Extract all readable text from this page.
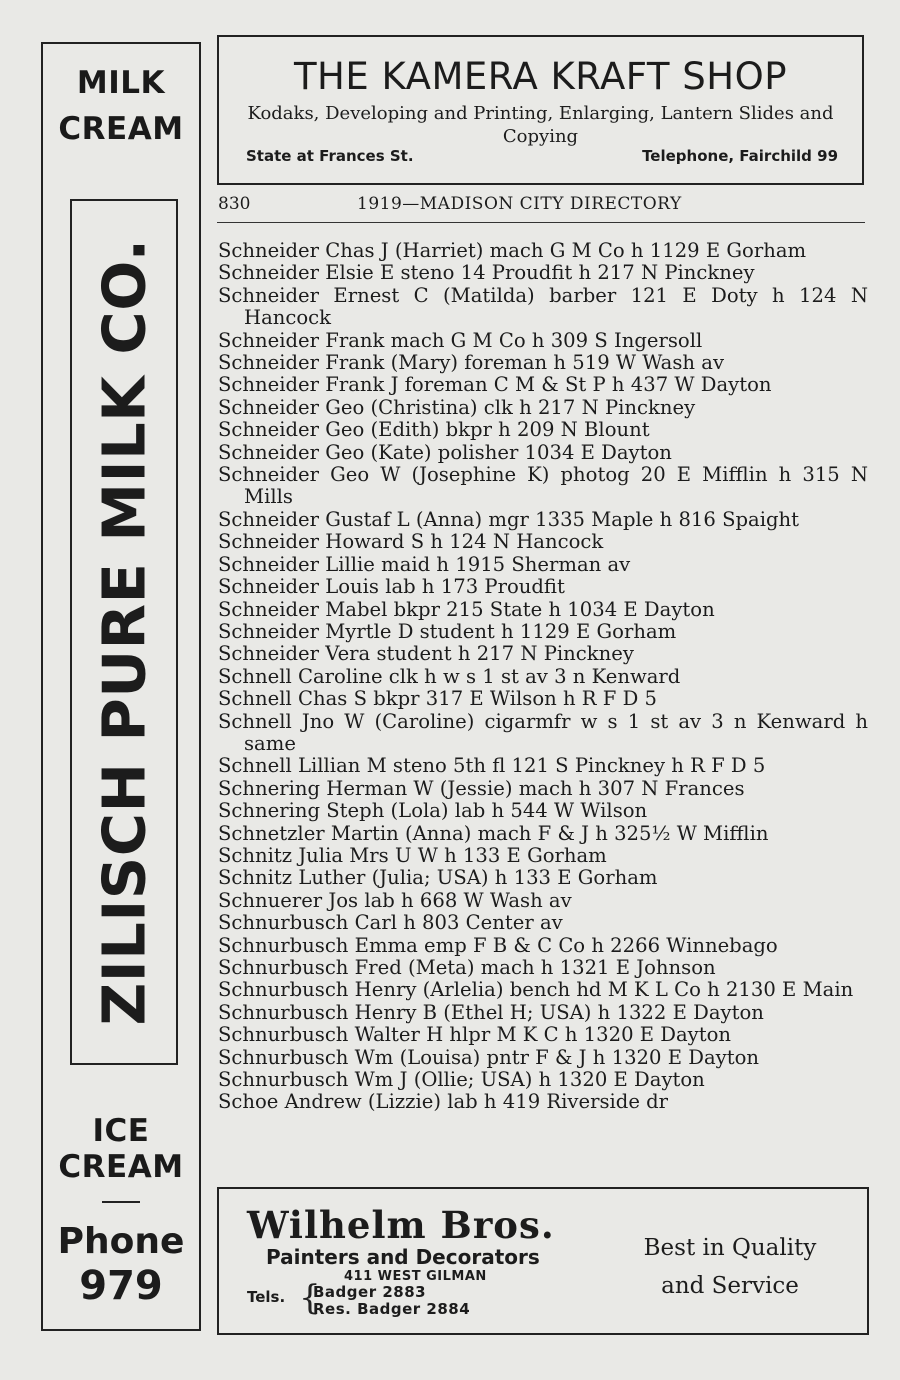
MILK
CREAM
ZILISCH PURE MILK CO.
ICE
CREAM
Phone
979
THE KAMERA KRAFT SHOP
Kodaks, Developing and Printing, Enlarging, Lantern Slides and Copying
State at Frances St.	Telephone, Fairchild 99
830	1919—MADISON CITY DIRECTORY
Schneider Chas J (Harriet) mach G M Co h 1129 E Gorham
Schneider Elsie E steno 14 Proudfit h 217 N Pinckney
Schneider Ernest C (Matilda) barber 121 E Doty h 124 N Hancock
Schneider Frank mach G M Co h 309 S Ingersoll
Schneider Frank (Mary) foreman h 519 W Wash av
Schneider Frank J foreman C M & St P h 437 W Dayton
Schneider Geo (Christina) clk h 217 N Pinckney
Schneider Geo (Edith) bkpr h 209 N Blount
Schneider Geo (Kate) polisher 1034 E Dayton
Schneider Geo W (Josephine K) photog 20 E Mifflin h 315 N Mills
Schneider Gustaf L (Anna) mgr 1335 Maple h 816 Spaight
Schneider Howard S h 124 N Hancock
Schneider Lillie maid h 1915 Sherman av
Schneider Louis lab h 173 Proudfit
Schneider Mabel bkpr 215 State h 1034 E Dayton
Schneider Myrtle D student h 1129 E Gorham
Schneider Vera student h 217 N Pinckney
Schnell Caroline clk h w s 1 st av 3 n Kenward
Schnell Chas S bkpr 317 E Wilson h R F D 5
Schnell Jno W (Caroline) cigarmfr w s 1 st av 3 n Kenward h same
Schnell Lillian M steno 5th fl 121 S Pinckney h R F D 5
Schnering Herman W (Jessie) mach h 307 N Frances
Schnering Steph (Lola) lab h 544 W Wilson
Schnetzler Martin (Anna) mach F & J h 325½ W Mifflin
Schnitz Julia Mrs U W h 133 E Gorham
Schnitz Luther (Julia; USA) h 133 E Gorham
Schnuerer Jos lab h 668 W Wash av
Schnurbusch Carl h 803 Center av
Schnurbusch Emma emp F B & C Co h 2266 Winnebago
Schnurbusch Fred (Meta) mach h 1321 E Johnson
Schnurbusch Henry (Arlelia) bench hd M K L Co h 2130 E Main
Schnurbusch Henry B (Ethel H; USA) h 1322 E Dayton
Schnurbusch Walter H hlpr M K C h 1320 E Dayton
Schnurbusch Wm (Louisa) pntr F & J h 1320 E Dayton
Schnurbusch Wm J (Ollie; USA) h 1320 E Dayton
Schoe Andrew (Lizzie) lab h 419 Riverside dr
Wilhelm Bros.
Painters and Decorators
411 WEST GILMAN
Tels. {
Badger 2883
Res. Badger 2884
Best in Quality
and Service
